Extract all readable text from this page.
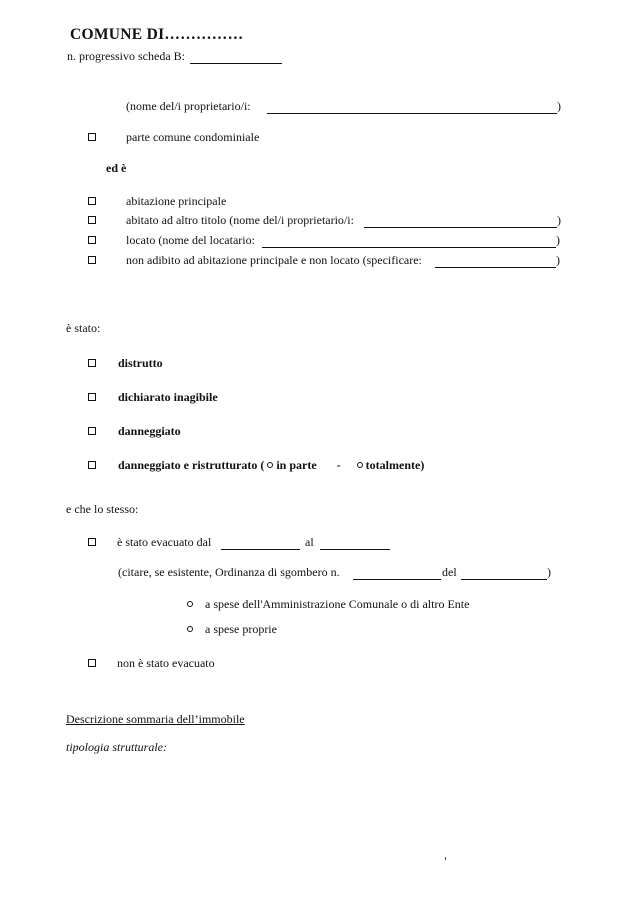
COMUNE DI……………
n. progressivo scheda B:
(nome del/i proprietario/i:	)
parte comune condominiale
ed è
abitazione principale
abitato ad altro titolo (nome del/i proprietario/i:	)
locato (nome del locatario:	)
non adibito ad abitazione principale e non locato (specificare:	)
è stato:
distrutto
dichiarato inagibile
danneggiato
danneggiato e ristrutturato ( in parte - totalmente)
e che lo stesso:
è stato evacuato dal	al
(citare, se esistente, Ordinanza di sgombero n.	del	)
a spese dell'Amministrazione Comunale o di altro Ente
a spese proprie
non è stato evacuato
Descrizione sommaria dell’immobile
tipologia strutturale:
